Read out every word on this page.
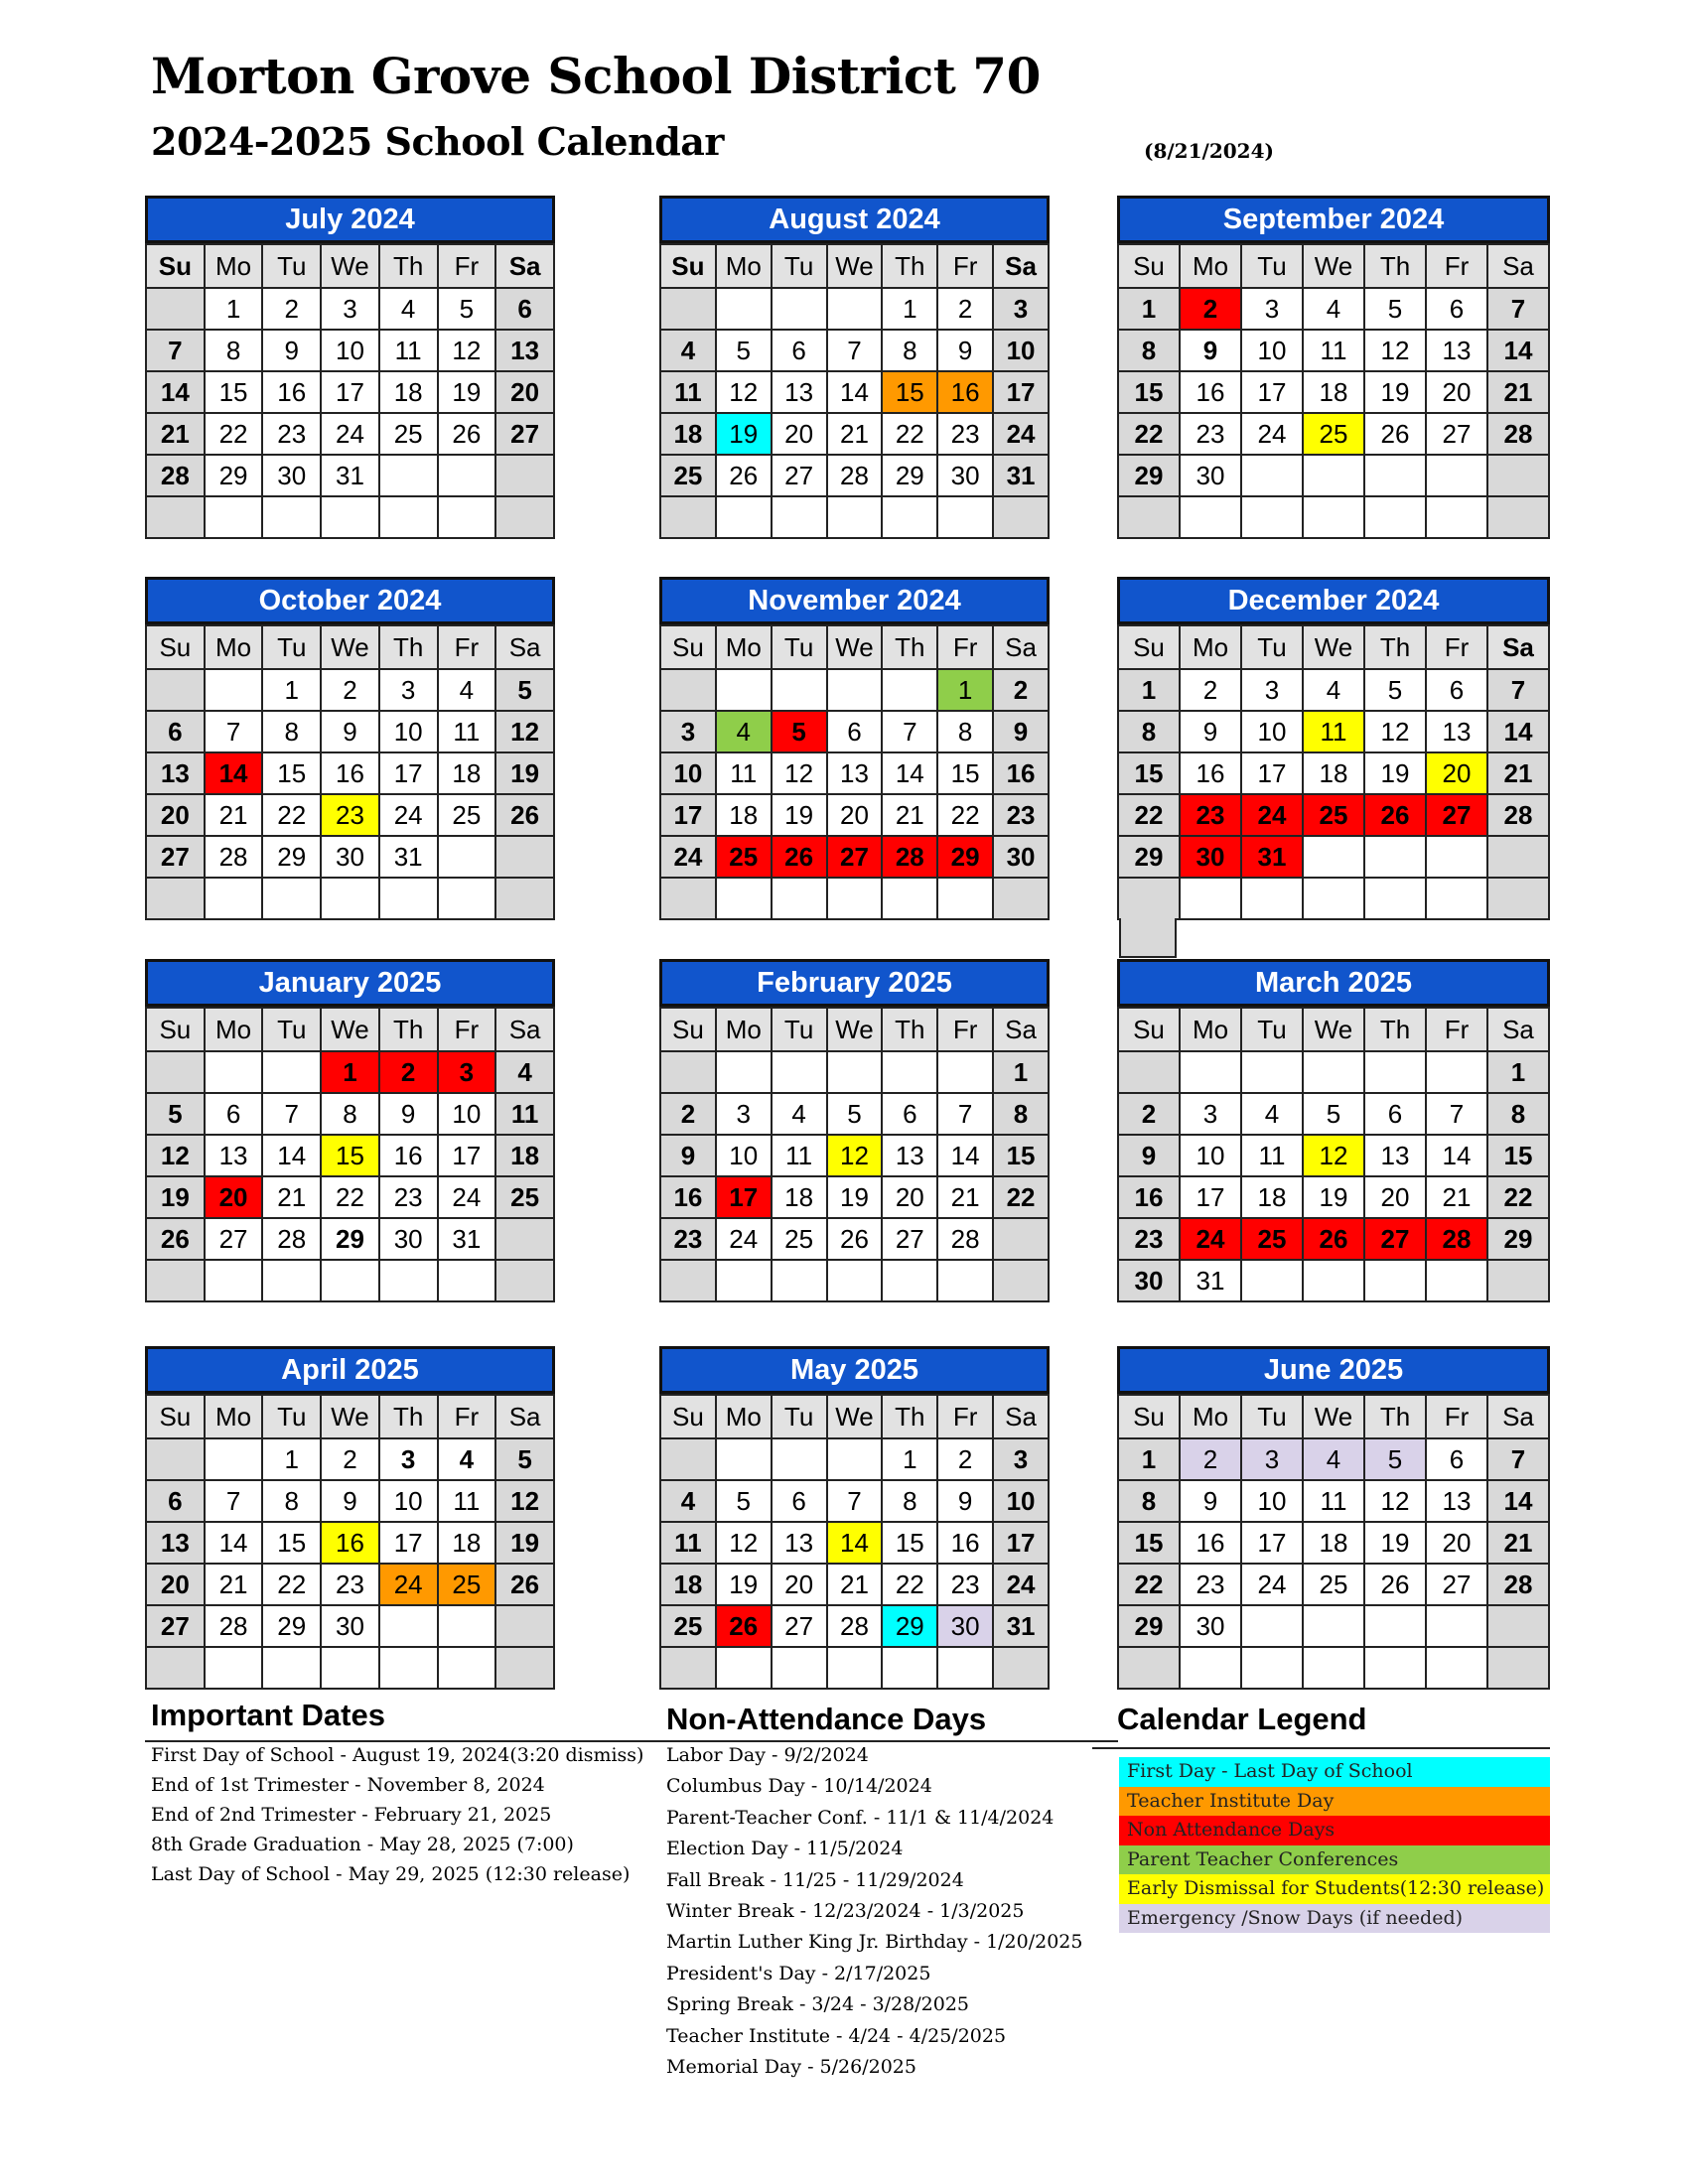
Morton Grove School District 70
2024-2025 School Calendar	(8/21/2024)
July 2024
Su	Mo	Tu	We	Th	Fr	Sa
	1	2	3	4	5	6
7	8	9	10	11	12	13
14	15	16	17	18	19	20
21	22	23	24	25	26	27
28	29	30	31			

August 2024
Su	Mo	Tu	We	Th	Fr	Sa
				1	2	3
4	5	6	7	8	9	10
11	12	13	14	15	16	17
18	19	20	21	22	23	24
25	26	27	28	29	30	31

September 2024
Su	Mo	Tu	We	Th	Fr	Sa
1	2	3	4	5	6	7
8	9	10	11	12	13	14
15	16	17	18	19	20	21
22	23	24	25	26	27	28
29	30					

October 2024
Su	Mo	Tu	We	Th	Fr	Sa
		1	2	3	4	5
6	7	8	9	10	11	12
13	14	15	16	17	18	19
20	21	22	23	24	25	26
27	28	29	30	31		

November 2024
Su	Mo	Tu	We	Th	Fr	Sa
					1	2
3	4	5	6	7	8	9
10	11	12	13	14	15	16
17	18	19	20	21	22	23
24	25	26	27	28	29	30

December 2024
Su	Mo	Tu	We	Th	Fr	Sa
1	2	3	4	5	6	7
8	9	10	11	12	13	14
15	16	17	18	19	20	21
22	23	24	25	26	27	28
29	30	31				

January 2025
Su	Mo	Tu	We	Th	Fr	Sa
			1	2	3	4
5	6	7	8	9	10	11
12	13	14	15	16	17	18
19	20	21	22	23	24	25
26	27	28	29	30	31	

February 2025
Su	Mo	Tu	We	Th	Fr	Sa
						1
2	3	4	5	6	7	8
9	10	11	12	13	14	15
16	17	18	19	20	21	22
23	24	25	26	27	28	

March 2025
Su	Mo	Tu	We	Th	Fr	Sa
						1
2	3	4	5	6	7	8
9	10	11	12	13	14	15
16	17	18	19	20	21	22
23	24	25	26	27	28	29
30	31					
April 2025
Su	Mo	Tu	We	Th	Fr	Sa
		1	2	3	4	5
6	7	8	9	10	11	12
13	14	15	16	17	18	19
20	21	22	23	24	25	26
27	28	29	30			

May 2025
Su	Mo	Tu	We	Th	Fr	Sa
				1	2	3
4	5	6	7	8	9	10
11	12	13	14	15	16	17
18	19	20	21	22	23	24
25	26	27	28	29	30	31

June 2025
Su	Mo	Tu	We	Th	Fr	Sa
1	2	3	4	5	6	7
8	9	10	11	12	13	14
15	16	17	18	19	20	21
22	23	24	25	26	27	28
29	30					

Important Dates
First Day of School - August 19, 2024(3:20 dismiss)
End of 1st Trimester - November 8, 2024
End of 2nd Trimester - February 21, 2025
8th Grade Graduation - May 28, 2025 (7:00)
Last Day of School - May 29, 2025 (12:30 release)
Non-Attendance Days
Labor Day - 9/2/2024
Columbus Day - 10/14/2024
Parent-Teacher Conf. - 11/1 & 11/4/2024
Election Day - 11/5/2024
Fall Break - 11/25 - 11/29/2024
Winter Break - 12/23/2024 - 1/3/2025
Martin Luther King Jr. Birthday - 1/20/2025
President's Day - 2/17/2025
Spring Break - 3/24 - 3/28/2025
Teacher Institute - 4/24 - 4/25/2025
Memorial Day - 5/26/2025
Calendar Legend
First Day - Last Day of School
Teacher Institute Day
Non Attendance Days
Parent Teacher Conferences
Early Dismissal for Students(12:30 release)
Emergency /Snow Days (if needed)
